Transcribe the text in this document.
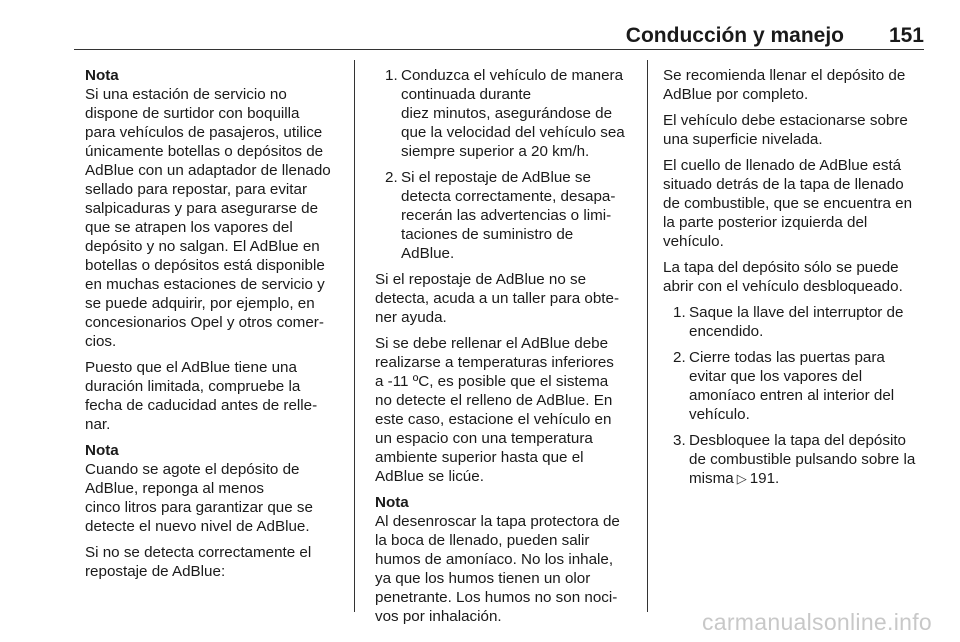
Conducción y manejo 151

Nota
Si una estación de servicio no
dispone de surtidor con boquilla
para vehículos de pasajeros, utilice
únicamente botellas o depósitos de
AdBlue con un adaptador de llenado
sellado para repostar, para evitar
salpicaduras y para asegurarse de
que se atrapen los vapores del
depósito y no salgan. El AdBlue en
botellas o depósitos está disponible
en muchas estaciones de servicio y
se puede adquirir, por ejemplo, en
concesionarios Opel y otros comer-
cios.

Puesto que el AdBlue tiene una
duración limitada, compruebe la
fecha de caducidad antes de relle-
nar.

Nota
Cuando se agote el depósito de
AdBlue, reponga al menos
cinco litros para garantizar que se
detecte el nuevo nivel de AdBlue.

Si no se detecta correctamente el
repostaje de AdBlue:

1. Conduzca el vehículo de manera
continuada durante
diez minutos, asegurándose de
que la velocidad del vehículo sea
siempre superior a 20 km/h.
2. Si el repostaje de AdBlue se
detecta correctamente, desapa-
recerán las advertencias o limi-
taciones de suministro de
AdBlue.

Si el repostaje de AdBlue no se
detecta, acuda a un taller para obte-
ner ayuda.

Si se debe rellenar el AdBlue debe
realizarse a temperaturas inferiores
a -11 ºC, es posible que el sistema
no detecte el relleno de AdBlue. En
este caso, estacione el vehículo en
un espacio con una temperatura
ambiente superior hasta que el
AdBlue se licúe.

Nota
Al desenroscar la tapa protectora de
la boca de llenado, pueden salir
humos de amoníaco. No los inhale,
ya que los humos tienen un olor
penetrante. Los humos no son noci-
vos por inhalación.

Se recomienda llenar el depósito de
AdBlue por completo.

El vehículo debe estacionarse sobre
una superficie nivelada.

El cuello de llenado de AdBlue está
situado detrás de la tapa de llenado
de combustible, que se encuentra en
la parte posterior izquierda del
vehículo.

La tapa del depósito sólo se puede
abrir con el vehículo desbloqueado.

1. Saque la llave del interruptor de
encendido.
2. Cierre todas las puertas para
evitar que los vapores del
amoníaco entren al interior del
vehículo.
3. Desbloquee la tapa del depósito
de combustible pulsando sobre la
misma ▷ 191.
carmanualsonline.info
